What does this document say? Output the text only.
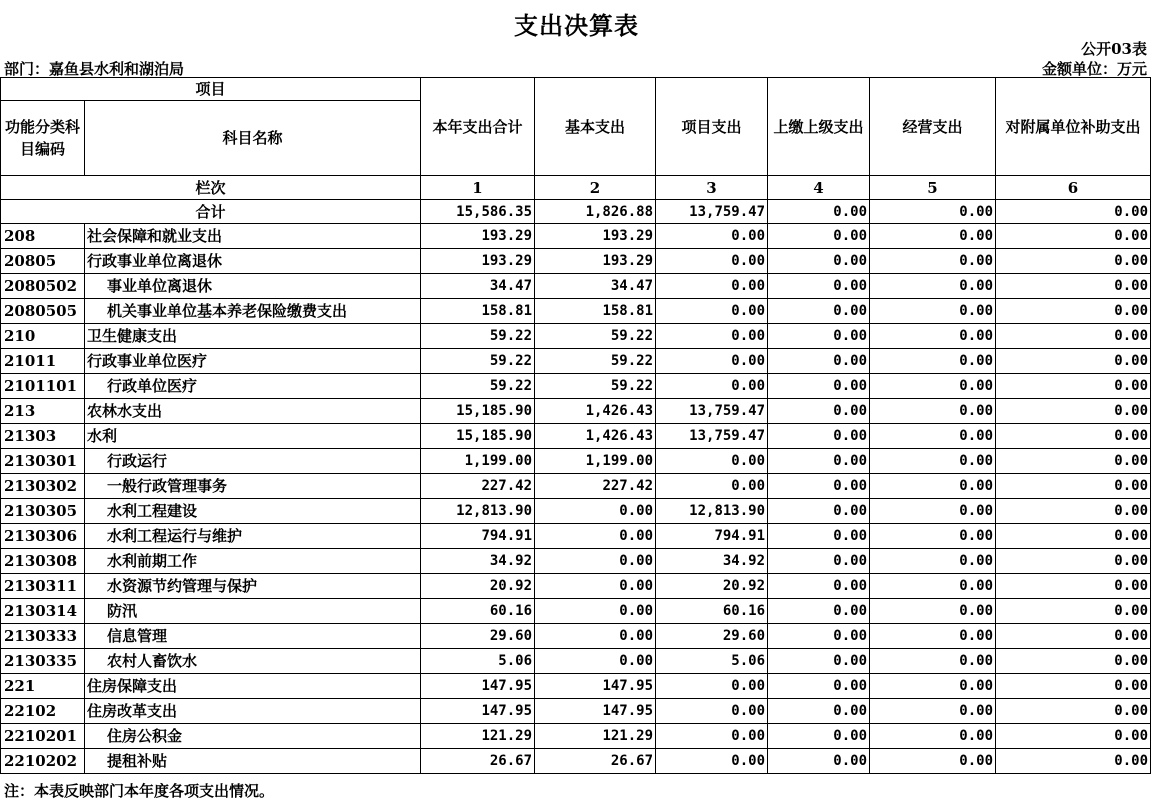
支出决算表
公开03表
部门：嘉鱼县水利和湖泊局	金额单位：万元
项目		本年支出合计	基本支出	项目支出	上缴上级支出	经营支出	对附属单位补助支出
功能分类科目编码	科目名称						
栏次		1	2	3	4	5	6
合计		15,586.35	1,826.88	13,759.47	0.00	0.00	0.00
208	社会保障和就业支出	193.29	193.29	0.00	0.00	0.00	0.00
20805	行政事业单位离退休	193.29	193.29	0.00	0.00	0.00	0.00
2080502	事业单位离退休	34.47	34.47	0.00	0.00	0.00	0.00
2080505	机关事业单位基本养老保险缴费支出	158.81	158.81	0.00	0.00	0.00	0.00
210	卫生健康支出	59.22	59.22	0.00	0.00	0.00	0.00
21011	行政事业单位医疗	59.22	59.22	0.00	0.00	0.00	0.00
2101101	行政单位医疗	59.22	59.22	0.00	0.00	0.00	0.00
213	农林水支出	15,185.90	1,426.43	13,759.47	0.00	0.00	0.00
21303	水利	15,185.90	1,426.43	13,759.47	0.00	0.00	0.00
2130301	行政运行	1,199.00	1,199.00	0.00	0.00	0.00	0.00
2130302	一般行政管理事务	227.42	227.42	0.00	0.00	0.00	0.00
2130305	水利工程建设	12,813.90	0.00	12,813.90	0.00	0.00	0.00
2130306	水利工程运行与维护	794.91	0.00	794.91	0.00	0.00	0.00
2130308	水利前期工作	34.92	0.00	34.92	0.00	0.00	0.00
2130311	水资源节约管理与保护	20.92	0.00	20.92	0.00	0.00	0.00
2130314	防汛	60.16	0.00	60.16	0.00	0.00	0.00
2130333	信息管理	29.60	0.00	29.60	0.00	0.00	0.00
2130335	农村人畜饮水	5.06	0.00	5.06	0.00	0.00	0.00
221	住房保障支出	147.95	147.95	0.00	0.00	0.00	0.00
22102	住房改革支出	147.95	147.95	0.00	0.00	0.00	0.00
2210201	住房公积金	121.29	121.29	0.00	0.00	0.00	0.00
2210202	提租补贴	26.67	26.67	0.00	0.00	0.00	0.00
注：本表反映部门本年度各项支出情况。
